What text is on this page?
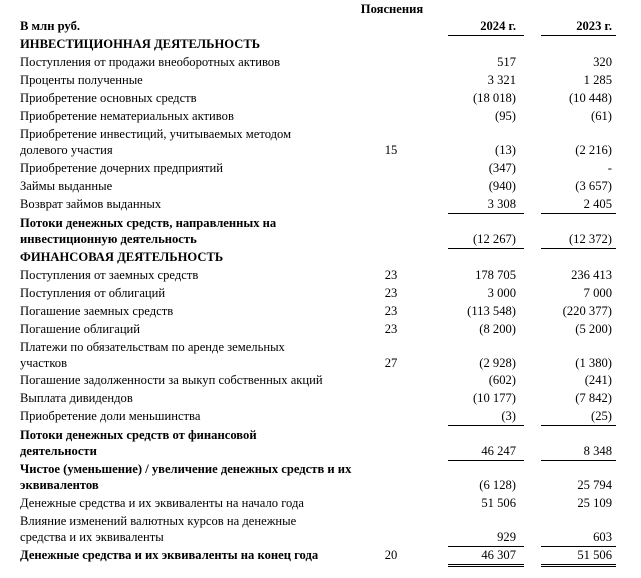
Пояснения
В млн руб.	2024 г.	2023 г.
ИНВЕСТИЦИОННАЯ ДЕЯТЕЛЬНОСТЬ
Поступления от продажи внеоборотных активов	517	320
Проценты полученные	3 321	1 285
Приобретение основных средств	(18 018)	(10 448)
Приобретение нематериальных активов	(95)	(61)
Приобретение инвестиций, учитываемых методом долевого участия	15	(13)	(2 216)
Приобретение дочерних предприятий	(347)	-
Займы выданные	(940)	(3 657)
Возврат займов выданных	3 308	2 405
Потоки денежных средств, направленных на инвестиционную деятельность	(12 267)	(12 372)
ФИНАНСОВАЯ ДЕЯТЕЛЬНОСТЬ
Поступления от заемных средств	23	178 705	236 413
Поступления от облигаций	23	3 000	7 000
Погашение заемных средств	23	(113 548)	(220 377)
Погашение облигаций	23	(8 200)	(5 200)
Платежи по обязательствам по аренде земельных участков	27	(2 928)	(1 380)
Погашение задолженности за выкуп собственных акций	(602)	(241)
Выплата дивидендов	(10 177)	(7 842)
Приобретение доли меньшинства	(3)	(25)
Потоки денежных средств от финансовой деятельности	46 247	8 348
Чистое (уменьшение) / увеличение денежных средств и их эквивалентов	(6 128)	25 794
Денежные средства и их эквиваленты на начало года	51 506	25 109
Влияние изменений валютных курсов на денежные средства и их эквиваленты	929	603
Денежные средства и их эквиваленты на конец года	20	46 307	51 506
